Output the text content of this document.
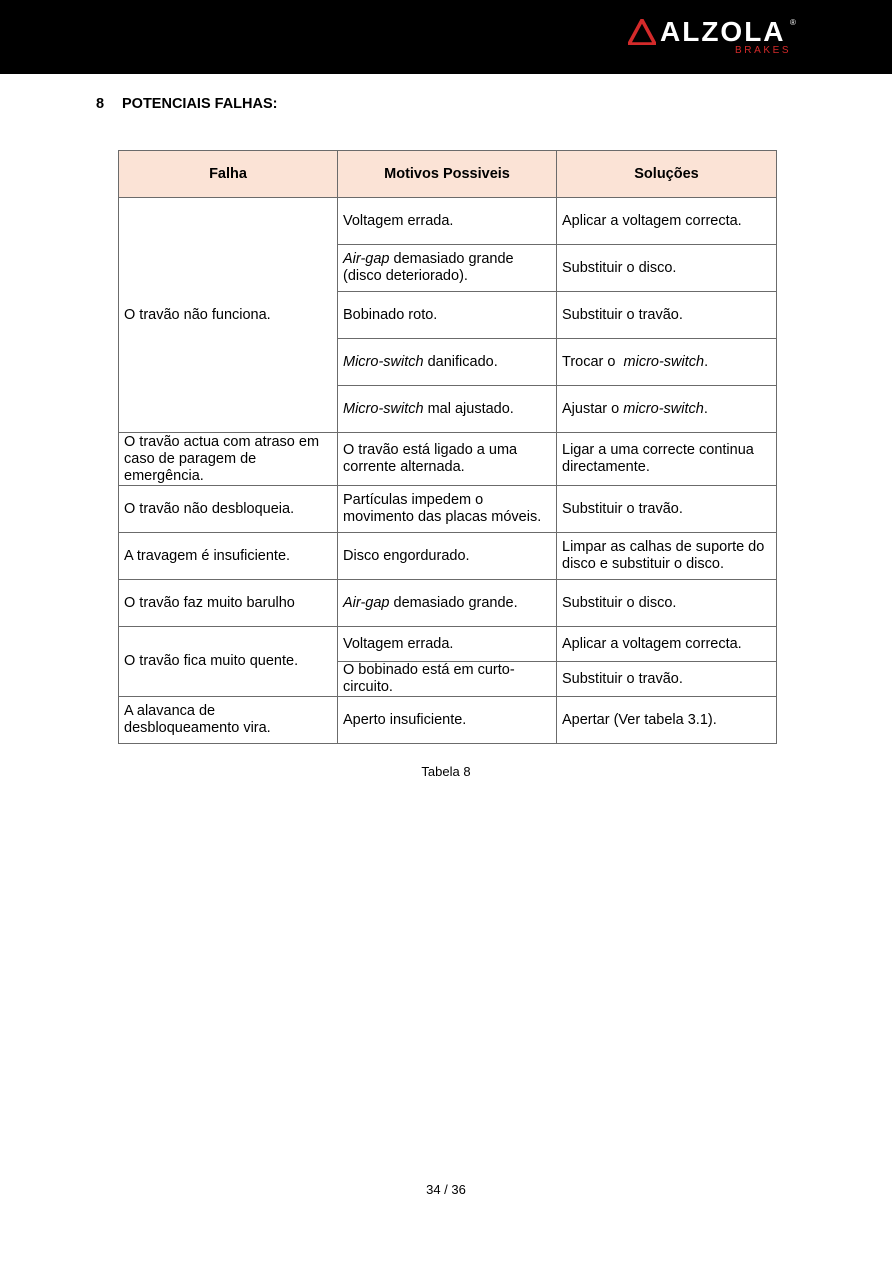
ALZOLA ®
BRAKES
8 POTENCIAIS FALHAS:
Falha	Motivos Possiveis	Soluções
O travão não funciona.	Voltagem errada.	Aplicar a voltagem correcta.
	Air-gap demasiado grande (disco deteriorado).	Substituir o disco.
	Bobinado roto.	Substituir o travão.
	Micro-switch danificado.	Trocar o  micro-switch.
	Micro-switch mal ajustado.	Ajustar o micro-switch.
O travão actua com atraso em caso de paragem de emergência.	O travão está ligado a uma corrente alternada.	Ligar a uma correcte continua directamente.
O travão não desbloqueia.	Partículas impedem o movimento das placas móveis.	Substituir o travão.
A travagem é insuficiente.	Disco engordurado.	Limpar as calhas de suporte do disco e substituir o disco.
O travão faz muito barulho	Air-gap demasiado grande.	Substituir o disco.
O travão fica muito quente.	Voltagem errada.	Aplicar a voltagem correcta.
	O bobinado está em curto-circuito.	Substituir o travão.
A alavanca de desbloqueamento vira.	Aperto insuficiente.	Apertar (Ver tabela 3.1).
Tabela 8
34 / 36
